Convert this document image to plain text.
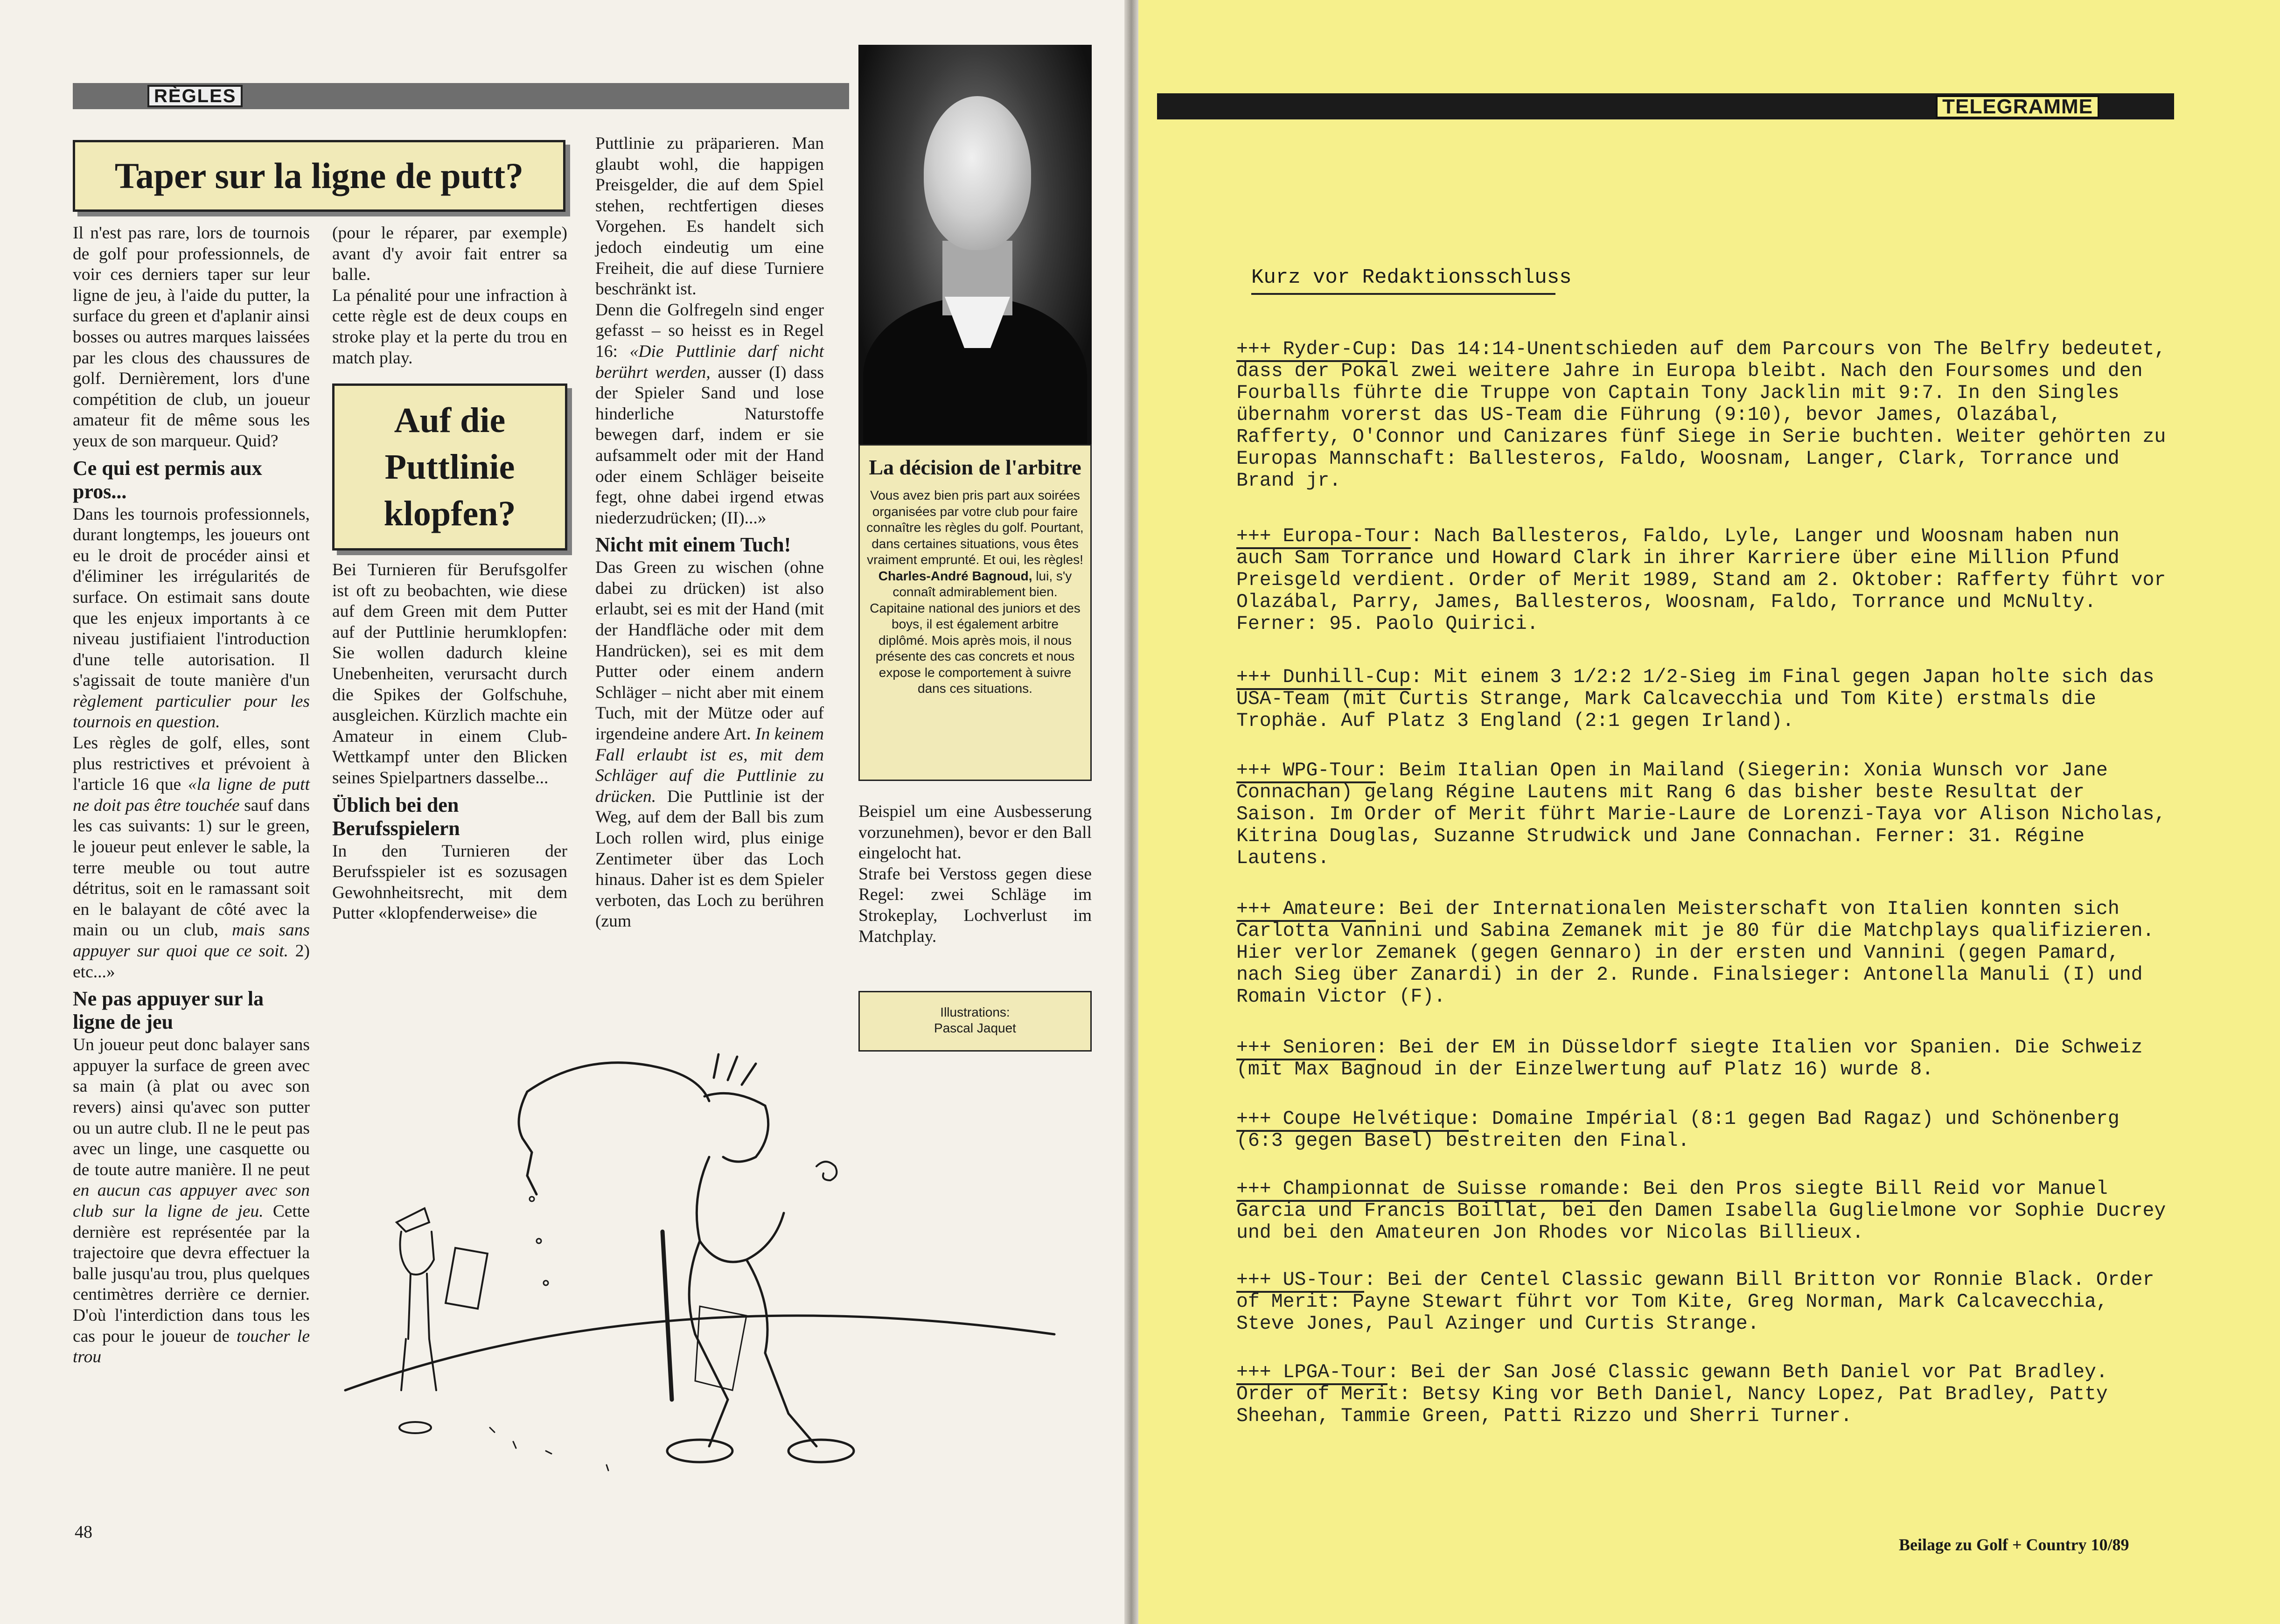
RÈGLES
Taper sur la ligne de putt?

Il n'est pas rare, lors de tournois de golf pour professionnels, de voir ces derniers taper sur leur ligne de jeu, à l'aide du putter, la surface du green et d'aplanir ainsi bosses ou autres marques laissées par les clous des chaussures de golf. Dernièrement, lors d'une compétition de club, un joueur amateur fit de même sous les yeux de son marqueur. Quid?

Ce qui est permis aux pros...

Dans les tournois professionnels, durant longtemps, les joueurs ont eu le droit de procéder ainsi et d'éliminer les irrégularités de surface. On estimait sans doute que les enjeux importants à ce niveau justifiaient l'introduction d'une telle autorisation. Il s'agissait de toute manière d'un règlement particulier pour les tournois en question.

Les règles de golf, elles, sont plus restrictives et prévoient à l'article 16 que «la ligne de putt ne doit pas être touchée sauf dans les cas suivants: 1) sur le green, le joueur peut enlever le sable, la terre meuble ou tout autre détritus, soit en le ramassant soit en le balayant de côté avec la main ou un club, mais sans appuyer sur quoi que ce soit. 2) etc...»

Ne pas appuyer sur la ligne de jeu

Un joueur peut donc balayer sans appuyer la surface de green avec sa main (à plat ou avec son revers) ainsi qu'avec son putter ou un autre club. Il ne le peut pas avec un linge, une casquette ou de toute autre manière. Il ne peut en aucun cas appuyer avec son club sur la ligne de jeu. Cette dernière est représentée par la trajectoire que devra effectuer la balle jusqu'au trou, plus quelques centimètres derrière ce dernier. D'où l'interdiction dans tous les cas pour le joueur de toucher le trou

(pour le réparer, par exemple) avant d'y avoir fait entrer sa balle.

La pénalité pour une infraction à cette règle est de deux coups en stroke play et la perte du trou en match play.

Auf die Puttlinie klopfen?

Bei Turnieren für Berufsgolfer ist oft zu beobachten, wie diese auf dem Green mit dem Putter auf der Puttlinie herumklopfen: Sie wollen dadurch kleine Unebenheiten, verursacht durch die Spikes der Golfschuhe, ausgleichen. Kürzlich machte ein Amateur in einem Club-Wettkampf unter den Blicken seines Spielpartners dasselbe...

Üblich bei den Berufsspielern

In den Turnieren der Berufsspieler ist es sozusagen Gewohnheitsrecht, mit dem Putter «klopfenderweise» die

Puttlinie zu präparieren. Man glaubt wohl, die happigen Preisgelder, die auf dem Spiel stehen, rechtfertigen dieses Vorgehen. Es handelt sich jedoch eindeutig um eine Freiheit, die auf diese Turniere beschränkt ist.

Denn die Golfregeln sind enger gefasst – so heisst es in Regel 16: «Die Puttlinie darf nicht berührt werden, ausser (I) dass der Spieler Sand und lose hinderliche Naturstoffe bewegen darf, indem er sie aufsammelt oder mit der Hand oder einem Schläger beiseite fegt, ohne dabei irgend etwas niederzudrücken; (II)...»

Nicht mit einem Tuch!

Das Green zu wischen (ohne dabei zu drücken) ist also erlaubt, sei es mit der Hand (mit der Handfläche oder mit dem Handrücken), sei es mit dem Putter oder einem andern Schläger – nicht aber mit einem Tuch, mit der Mütze oder auf irgendeine andere Art. In keinem Fall erlaubt ist es, mit dem Schläger auf die Puttlinie zu drücken. Die Puttlinie ist der Weg, auf dem der Ball bis zum Loch rollen wird, plus einige Zentimeter über das Loch hinaus. Daher ist es dem Spieler verboten, das Loch zu berühren (zum

La décision de l'arbitre

Vous avez bien pris part aux soirées organisées par votre club pour faire connaître les règles du golf. Pourtant, dans certaines situations, vous êtes vraiment emprunté. Et oui, les règles! Charles-André Bagnoud, lui, s'y connaît admirablement bien. Capitaine national des juniors et des boys, il est également arbitre diplômé. Mois après mois, il nous présente des cas concrets et nous expose le comportement à suivre dans ces situations.

Beispiel um eine Ausbesserung vorzunehmen), bevor er den Ball eingelocht hat.

Strafe bei Verstoss gegen diese Regel: zwei Schläge im Strokeplay, Lochverlust im Matchplay.

Illustrations:
Pascal Jaquet
48
TELEGRAMME
Kurz vor Redaktionsschluss
+++ Ryder-Cup: Das 14:14-Unentschieden auf dem Parcours von The Belfry bedeutet, dass der Pokal zwei weitere Jahre in Europa bleibt. Nach den Foursomes und den Fourballs führte die Truppe von Captain Tony Jacklin mit 9:7. In den Singles übernahm vorerst das US-Team die Führung (9:10), bevor James, Olazábal, Rafferty, O'Connor und Canizares fünf Siege in Serie buchten. Weiter gehörten zu Europas Mannschaft: Ballesteros, Faldo, Woosnam, Langer, Clark, Torrance und Brand jr.
+++ Europa-Tour: Nach Ballesteros, Faldo, Lyle, Langer und Woosnam haben nun auch Sam Torrance und Howard Clark in ihrer Karriere über eine Million Pfund Preisgeld verdient. Order of Merit 1989, Stand am 2. Oktober: Rafferty führt vor Olazábal, Parry, James, Ballesteros, Woosnam, Faldo, Torrance und McNulty. Ferner: 95. Paolo Quirici.
+++ Dunhill-Cup: Mit einem 3 1/2:2 1/2-Sieg im Final gegen Japan holte sich das USA-Team (mit Curtis Strange, Mark Calcavecchia und Tom Kite) erstmals die Trophäe. Auf Platz 3 England (2:1 gegen Irland).
+++ WPG-Tour: Beim Italian Open in Mailand (Siegerin: Xonia Wunsch vor Jane Connachan) gelang Régine Lautens mit Rang 6 das bisher beste Resultat der Saison. Im Order of Merit führt Marie-Laure de Lorenzi-Taya vor Alison Nicholas, Kitrina Douglas, Suzanne Strudwick und Jane Connachan. Ferner: 31. Régine Lautens.
+++ Amateure: Bei der Internationalen Meisterschaft von Italien konnten sich Carlotta Vannini und Sabina Zemanek mit je 80 für die Matchplays qualifizieren. Hier verlor Zemanek (gegen Gennaro) in der ersten und Vannini (gegen Pamard, nach Sieg über Zanardi) in der 2. Runde. Finalsieger: Antonella Manuli (I) und Romain Victor (F).
+++ Senioren: Bei der EM in Düsseldorf siegte Italien vor Spanien. Die Schweiz (mit Max Bagnoud in der Einzelwertung auf Platz 16) wurde 8.
+++ Coupe Helvétique: Domaine Impérial (8:1 gegen Bad Ragaz) und Schönenberg (6:3 gegen Basel) bestreiten den Final.
+++ Championnat de Suisse romande: Bei den Pros siegte Bill Reid vor Manuel Garcia und Francis Boillat, bei den Damen Isabella Guglielmone vor Sophie Ducrey und bei den Amateuren Jon Rhodes vor Nicolas Billieux.
+++ US-Tour: Bei der Centel Classic gewann Bill Britton vor Ronnie Black. Order of Merit: Payne Stewart führt vor Tom Kite, Greg Norman, Mark Calcavecchia, Steve Jones, Paul Azinger und Curtis Strange.
+++ LPGA-Tour: Bei der San José Classic gewann Beth Daniel vor Pat Bradley. Order of Merit: Betsy King vor Beth Daniel, Nancy Lopez, Pat Bradley, Patty Sheehan, Tammie Green, Patti Rizzo und Sherri Turner.
Beilage zu Golf + Country 10/89
